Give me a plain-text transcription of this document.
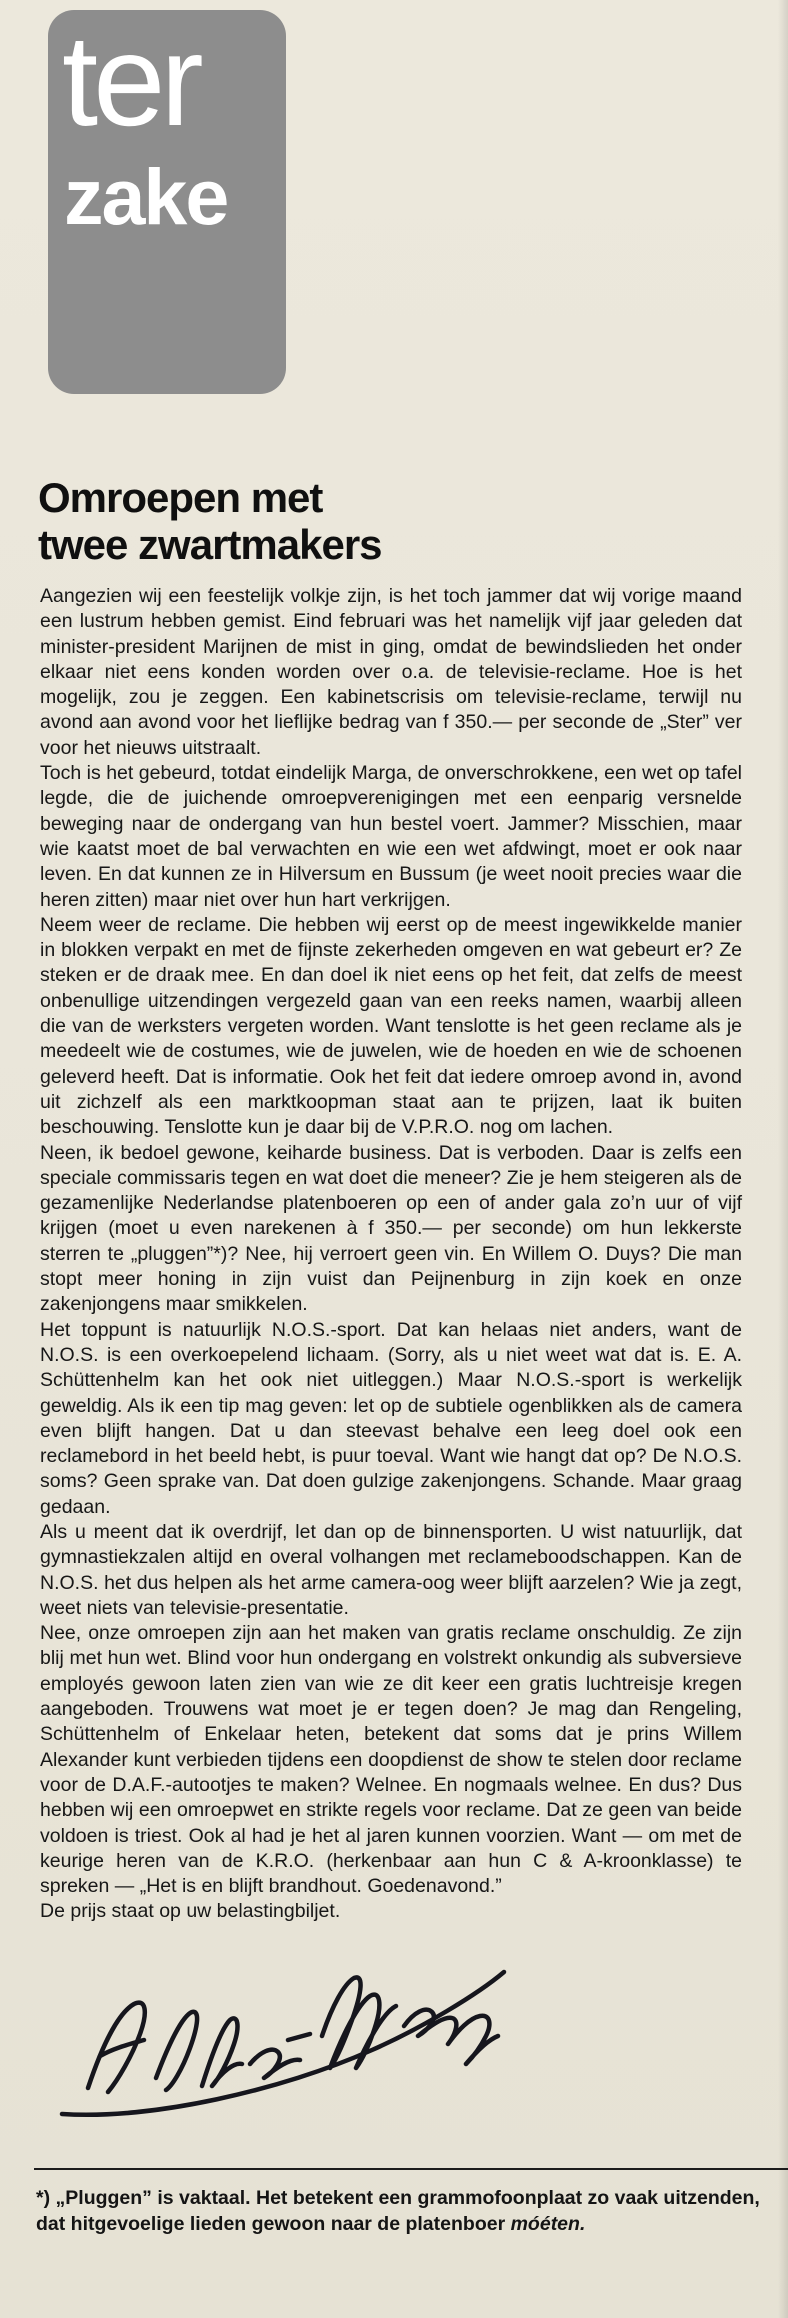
ter
zake
Omroepen met
twee zwartmakers

Aangezien wij een feestelijk volkje zijn, is het toch jammer dat wij vorige maand een lustrum hebben gemist. Eind februari was het namelijk vijf jaar geleden dat minister-president Marijnen de mist in ging, omdat de bewindslieden het onder elkaar niet eens konden worden over o.a. de televisie-reclame. Hoe is het mogelijk, zou je zeggen. Een kabinetscrisis om televisie-reclame, terwijl nu avond aan avond voor het lieflijke bedrag van f 350.— per seconde de „Ster” ver voor het nieuws uitstraalt.

Toch is het gebeurd, totdat eindelijk Marga, de onverschrokkene, een wet op tafel legde, die de juichende omroepverenigingen met een eenparig versnelde beweging naar de ondergang van hun bestel voert. Jammer? Misschien, maar wie kaatst moet de bal verwachten en wie een wet afdwingt, moet er ook naar leven. En dat kunnen ze in Hilversum en Bussum (je weet nooit precies waar die heren zitten) maar niet over hun hart verkrijgen.

Neem weer de reclame. Die hebben wij eerst op de meest ingewikkelde manier in blokken verpakt en met de fijnste zekerheden omgeven en wat gebeurt er? Ze steken er de draak mee. En dan doel ik niet eens op het feit, dat zelfs de meest onbenullige uitzendingen vergezeld gaan van een reeks namen, waarbij alleen die van de werksters vergeten worden. Want tenslotte is het geen reclame als je meedeelt wie de costumes, wie de juwelen, wie de hoeden en wie de schoenen geleverd heeft. Dat is informatie. Ook het feit dat iedere omroep avond in, avond uit zichzelf als een marktkoopman staat aan te prijzen, laat ik buiten beschouwing. Tenslotte kun je daar bij de V.P.R.O. nog om lachen.

Neen, ik bedoel gewone, keiharde business. Dat is verboden. Daar is zelfs een speciale commissaris tegen en wat doet die meneer? Zie je hem steigeren als de gezamenlijke Nederlandse platenboeren op een of ander gala zo’n uur of vijf krijgen (moet u even narekenen à f 350.— per seconde) om hun lekkerste sterren te „pluggen”*)? Nee, hij verroert geen vin. En Willem O. Duys? Die man stopt meer honing in zijn vuist dan Peijnenburg in zijn koek en onze zakenjongens maar smikkelen.

Het toppunt is natuurlijk N.O.S.-sport. Dat kan helaas niet anders, want de N.O.S. is een overkoepelend lichaam. (Sorry, als u niet weet wat dat is. E. A. Schüttenhelm kan het ook niet uitleggen.) Maar N.O.S.-sport is werkelijk geweldig. Als ik een tip mag geven: let op de subtiele ogenblikken als de camera even blijft hangen. Dat u dan steevast behalve een leeg doel ook een reclamebord in het beeld hebt, is puur toeval. Want wie hangt dat op? De N.O.S. soms? Geen sprake van. Dat doen gulzige zakenjongens. Schande. Maar graag gedaan.

Als u meent dat ik overdrijf, let dan op de binnensporten. U wist natuurlijk, dat gymnastiekzalen altijd en overal volhangen met reclameboodschappen. Kan de N.O.S. het dus helpen als het arme camera-oog weer blijft aarzelen? Wie ja zegt, weet niets van televisie-presentatie.

Nee, onze omroepen zijn aan het maken van gratis reclame onschuldig. Ze zijn blij met hun wet. Blind voor hun ondergang en volstrekt onkundig als subversieve employés gewoon laten zien van wie ze dit keer een gratis luchtreisje kregen aangeboden. Trouwens wat moet je er tegen doen? Je mag dan Rengeling, Schüttenhelm of Enkelaar heten, betekent dat soms dat je prins Willem Alexander kunt verbieden tijdens een doopdienst de show te stelen door reclame voor de D.A.F.-autootjes te maken? Welnee. En nogmaals welnee. En dus? Dus hebben wij een omroepwet en strikte regels voor reclame. Dat ze geen van beide voldoen is triest. Ook al had je het al jaren kunnen voorzien. Want — om met de keurige heren van de K.R.O. (herkenbaar aan hun C & A-kroonklasse) te spreken — „Het is en blijft brandhout. Goedenavond.”

De prijs staat op uw belastingbiljet.

*) „Pluggen” is vaktaal. Het betekent een grammofoonplaat zo vaak uitzenden, dat hitgevoelige lieden gewoon naar de platenboer móéten.
